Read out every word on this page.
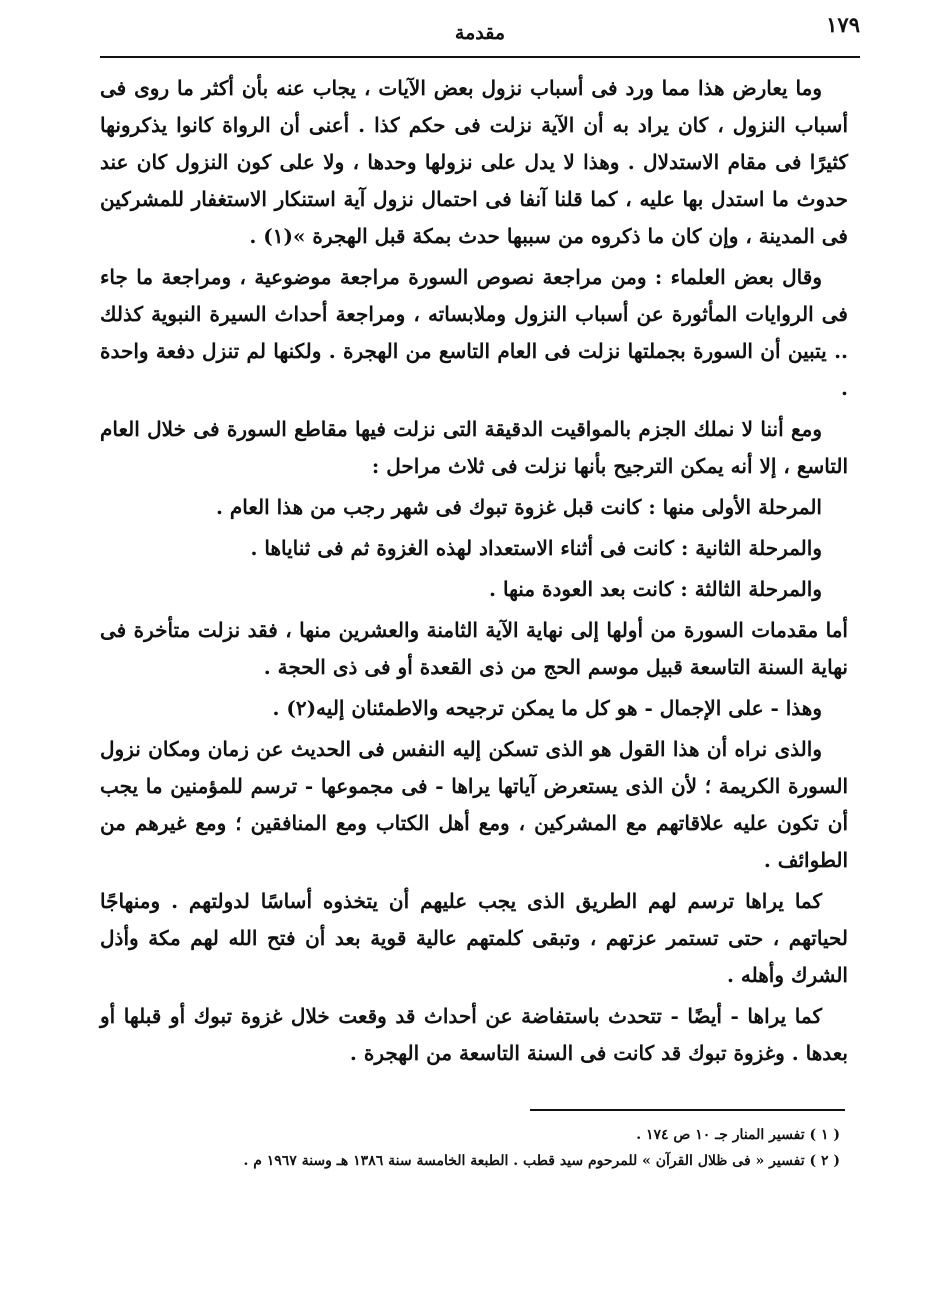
١٧٩
مقدمة

وما يعارض هذا مما ورد فى أسباب نزول بعض الآيات ، يجاب عنه بأن أكثر ما روى فى أسباب النزول ، كان يراد به أن الآية نزلت فى حكم كذا . أعنى أن الرواة كانوا يذكرونها كثيرًا فى مقام الاستدلال . وهذا لا يدل على نزولها وحدها ، ولا على كون النزول كان عند حدوث ما استدل بها عليه ، كما قلنا آنفا فى احتمال نزول آية استنكار الاستغفار للمشركين فى المدينة ، وإن كان ما ذكروه من سببها حدث بمكة قبل الهجرة »(١) .

وقال بعض العلماء : ومن مراجعة نصوص السورة مراجعة موضوعية ، ومراجعة ما جاء فى الروايات المأثورة عن أسباب النزول وملابساته ، ومراجعة أحداث السيرة النبوية كذلك .. يتبين أن السورة بجملتها نزلت فى العام التاسع من الهجرة . ولكنها لم تنزل دفعة واحدة .

ومع أننا لا نملك الجزم بالمواقيت الدقيقة التى نزلت فيها مقاطع السورة فى خلال العام التاسع ، إلا أنه يمكن الترجيح بأنها نزلت فى ثلاث مراحل :

المرحلة الأولى منها : كانت قبل غزوة تبوك فى شهر رجب من هذا العام .

والمرحلة الثانية : كانت فى أثناء الاستعداد لهذه الغزوة ثم فى ثناياها .

والمرحلة الثالثة : كانت بعد العودة منها .

أما مقدمات السورة من أولها إلى نهاية الآية الثامنة والعشرين منها ، فقد نزلت متأخرة فى نهاية السنة التاسعة قبيل موسم الحج من ذى القعدة أو فى ذى الحجة .

وهذا - على الإجمال - هو كل ما يمكن ترجيحه والاطمئنان إليه(٢) .

والذى نراه أن هذا القول هو الذى تسكن إليه النفس فى الحديث عن زمان ومكان نزول السورة الكريمة ؛ لأن الذى يستعرض آياتها يراها - فى مجموعها - ترسم للمؤمنين ما يجب أن تكون عليه علاقاتهم مع المشركين ، ومع أهل الكتاب ومع المنافقين ؛ ومع غيرهم من الطوائف .

كما يراها ترسم لهم الطريق الذى يجب عليهم أن يتخذوه أساسًا لدولتهم . ومنهاجًا لحياتهم ، حتى تستمر عزتهم ، وتبقى كلمتهم عالية قوية بعد أن فتح الله لهم مكة وأذل الشرك وأهله .

كما يراها - أيضًا - تتحدث باستفاضة عن أحداث قد وقعت خلال غزوة تبوك أو قبلها أو بعدها . وغزوة تبوك قد كانت فى السنة التاسعة من الهجرة .

( ١ ) تفسير المنار جـ ١٠ ص ١٧٤ .
( ٢ ) تفسير « فى ظلال القرآن » للمرحوم سيد قطب . الطبعة الخامسة سنة ١٣٨٦ هـ وسنة ١٩٦٧ م .
